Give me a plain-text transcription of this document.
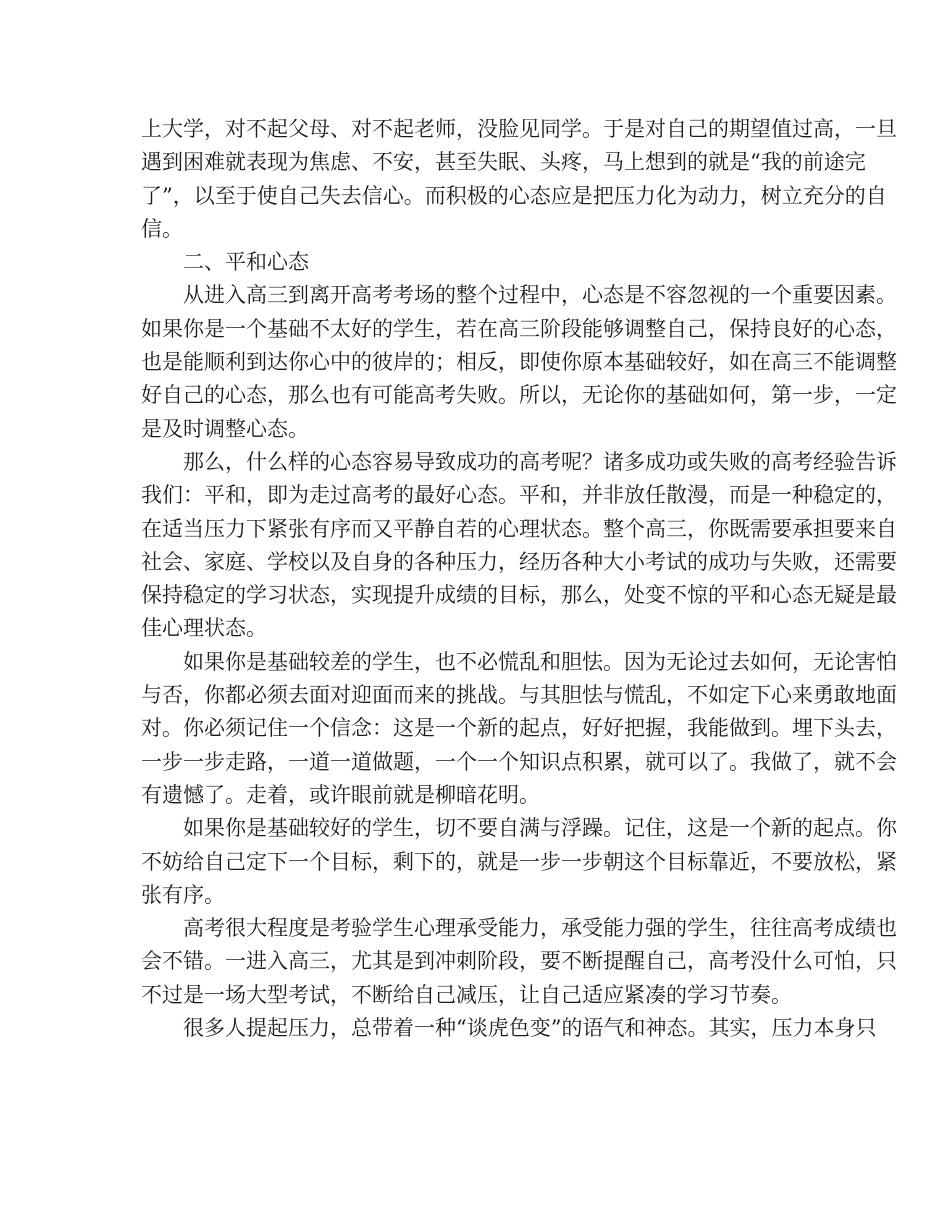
上大学，对不起父母、对不起老师，没脸见同学。于是对自己的期望值过高，一旦
遇到困难就表现为焦虑、不安，甚至失眠、头疼，马上想到的就是“我的前途完
了”，以至于使自己失去信心。而积极的心态应是把压力化为动力，树立充分的自
信。

二、平和心态

从进入高三到离开高考考场的整个过程中，心态是不容忽视的一个重要因素。
如果你是一个基础不太好的学生，若在高三阶段能够调整自己，保持良好的心态，
也是能顺利到达你心中的彼岸的；相反，即使你原本基础较好，如在高三不能调整
好自己的心态，那么也有可能高考失败。所以，无论你的基础如何，第一步，一定
是及时调整心态。

那么，什么样的心态容易导致成功的高考呢？诸多成功或失败的高考经验告诉
我们：平和，即为走过高考的最好心态。平和，并非放任散漫，而是一种稳定的，
在适当压力下紧张有序而又平静自若的心理状态。整个高三，你既需要承担要来自
社会、家庭、学校以及自身的各种压力，经历各种大小考试的成功与失败，还需要
保持稳定的学习状态，实现提升成绩的目标，那么，处变不惊的平和心态无疑是最
佳心理状态。

如果你是基础较差的学生，也不必慌乱和胆怯。因为无论过去如何，无论害怕
与否，你都必须去面对迎面而来的挑战。与其胆怯与慌乱，不如定下心来勇敢地面
对。你必须记住一个信念：这是一个新的起点，好好把握，我能做到。埋下头去，
一步一步走路，一道一道做题，一个一个知识点积累，就可以了。我做了，就不会
有遗憾了。走着，或许眼前就是柳暗花明。

如果你是基础较好的学生，切不要自满与浮躁。记住，这是一个新的起点。你
不妨给自己定下一个目标，剩下的，就是一步一步朝这个目标靠近，不要放松，紧
张有序。

高考很大程度是考验学生心理承受能力，承受能力强的学生，往往高考成绩也
会不错。一进入高三，尤其是到冲刺阶段，要不断提醒自己，高考没什么可怕，只
不过是一场大型考试，不断给自己减压，让自己适应紧凑的学习节奏。

很多人提起压力，总带着一种“谈虎色变”的语气和神态。其实，压力本身只
